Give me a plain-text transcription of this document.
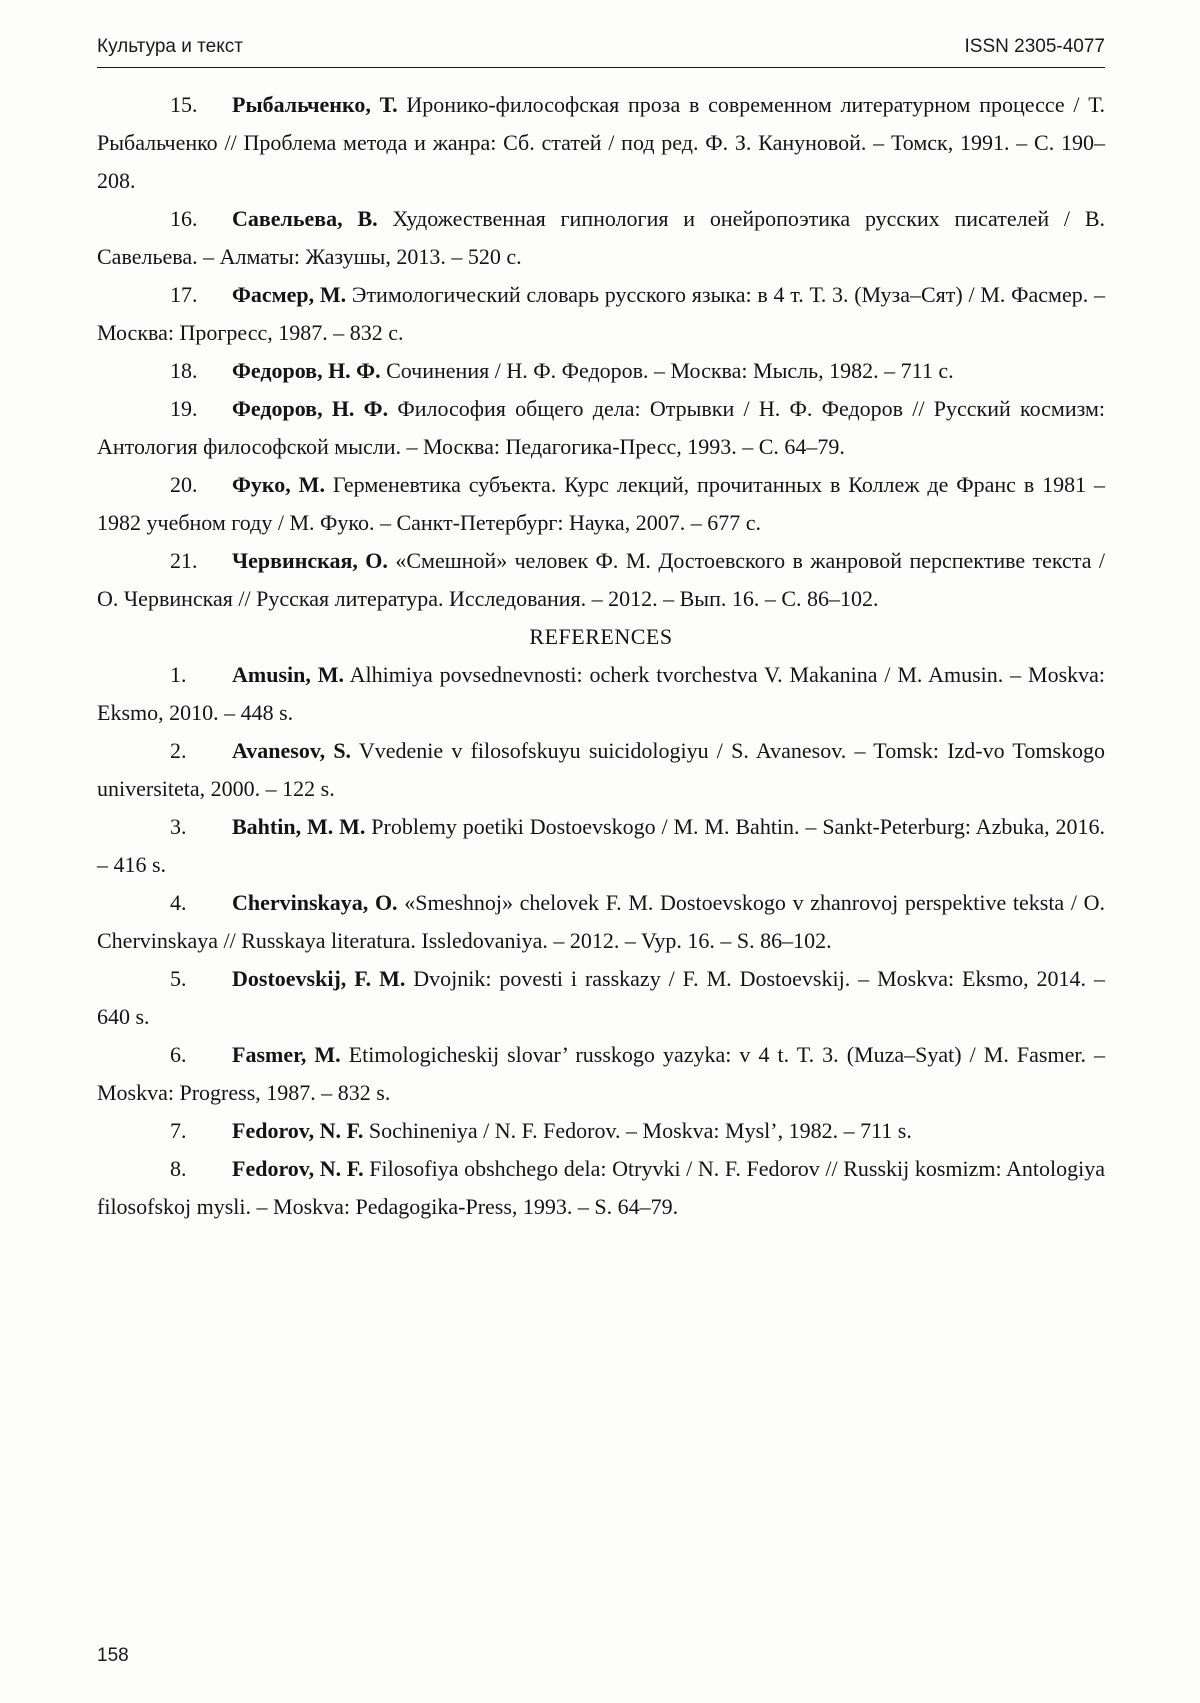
Культура и текст	ISSN 2305-4077

15. Рыбальченко, Т. Иронико-философская проза в современном литературном процессе / Т. Рыбальченко // Проблема метода и жанра: Сб. статей / под ред. Ф. З. Кануновой. – Томск, 1991. – С. 190–208.

16. Савельева, В. Художественная гипнология и онейропоэтика русских писателей / В. Савельева. – Алматы: Жазушы, 2013. – 520 с.

17. Фасмер, М. Этимологический словарь русского языка: в 4 т. Т. 3. (Муза–Сят) / М. Фасмер. – Москва: Прогресс, 1987. – 832 с.

18. Федоров, Н. Ф. Сочинения / Н. Ф. Федоров. – Москва: Мысль, 1982. – 711 с.

19. Федоров, Н. Ф. Философия общего дела: Отрывки / Н. Ф. Федоров // Русский космизм: Антология философской мысли. – Москва: Педагогика-Пресс, 1993. – С. 64–79.

20. Фуко, М. Герменевтика субъекта. Курс лекций, прочитанных в Коллеж де Франс в 1981 – 1982 учебном году / М. Фуко. – Санкт-Петербург: Наука, 2007. – 677 с.

21. Червинская, О. «Смешной» человек Ф. М. Достоевского в жанровой перспективе текста / О. Червинская // Русская литература. Исследования. – 2012. – Вып. 16. – С. 86–102.

REFERENCES

1. Amusin, M. Alhimiya povsednevnosti: ocherk tvorchestva V. Makanina / M. Amusin. – Moskva: Eksmo, 2010. – 448 s.

2. Avanesov, S. Vvedenie v filosofskuyu suicidologiyu / S. Avanesov. – Tomsk: Izd-vo Tomskogo universiteta, 2000. – 122 s.

3. Bahtin, M. M. Problemy poetiki Dostoevskogo / M. M. Bahtin. – Sankt-Peterburg: Azbuka, 2016. – 416 s.

4. Chervinskaya, O. «Smeshnoj» chelovek F. M. Dostoevskogo v zhanrovoj perspektive teksta / O. Chervinskaya // Russkaya literatura. Issledovaniya. – 2012. – Vyp. 16. – S. 86–102.

5. Dostoevskij, F. M. Dvojnik: povesti i rasskazy / F. M. Dostoevskij. – Moskva: Eksmo, 2014. – 640 s.

6. Fasmer, M. Etimologicheskij slovar’ russkogo yazyka: v 4 t. T. 3. (Muza–Syat) / M. Fasmer. – Moskva: Progress, 1987. – 832 s.

7. Fedorov, N. F. Sochineniya / N. F. Fedorov. – Moskva: Mysl’, 1982. – 711 s.

8. Fedorov, N. F. Filosofiya obshchego dela: Otryvki / N. F. Fedorov // Russkij kosmizm: Antologiya filosofskoj mysli. – Moskva: Pedagogika-Press, 1993. – S. 64–79.

158
